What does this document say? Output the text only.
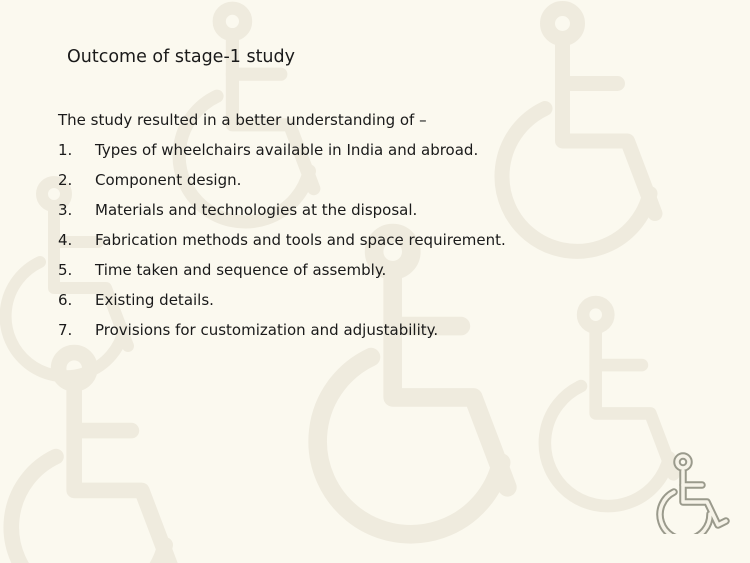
Outcome of stage-1 study
The study resulted in a better understanding of –
1.	Types of wheelchairs available in India and abroad.
2.	Component design.
3.	Materials and technologies at the disposal.
4.	Fabrication methods and tools and space requirement.
5.	Time taken and sequence of assembly.
6.	Existing details.
7.	Provisions for customization and adjustability.
